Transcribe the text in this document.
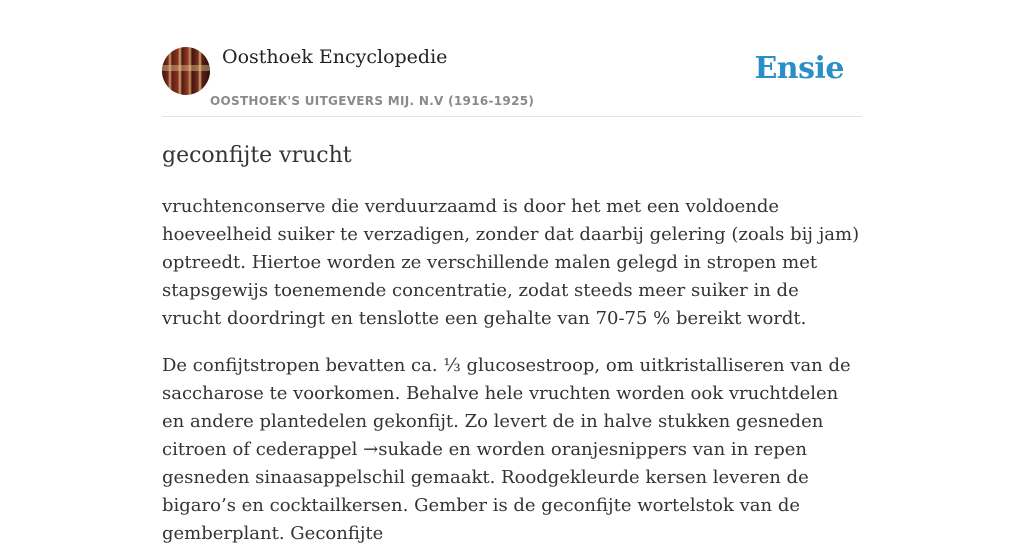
Oosthoek Encyclopedie
OOSTHOEK'S UITGEVERS MIJ. N.V (1916-1925)
Ensie
geconfijte vrucht

vruchtenconserve die verduurzaamd is door het met een voldoende hoeveelheid suiker te verzadigen, zonder dat daarbij gelering (zoals bij jam) optreedt. Hiertoe worden ze verschillende malen gelegd in stropen met stapsgewijs toenemende concentratie, zodat steeds meer suiker in de vrucht doordringt en tenslotte een gehalte van 70-75 % bereikt wordt.

De confijtstropen bevatten ca. ⅓ glucosestroop, om uitkristalliseren van de saccharose te voorkomen. Behalve hele vruchten worden ook vruchtdelen en andere plantedelen gekonfijt. Zo levert de in halve stukken gesneden citroen of cederappel →sukade en worden oranjesnippers van in repen gesneden sinaasappelschil gemaakt. Roodgekleurde kersen leveren de bigaro’s en cocktailkersen. Gember is de geconfijte wortelstok van de gemberplant. Geconfijte
